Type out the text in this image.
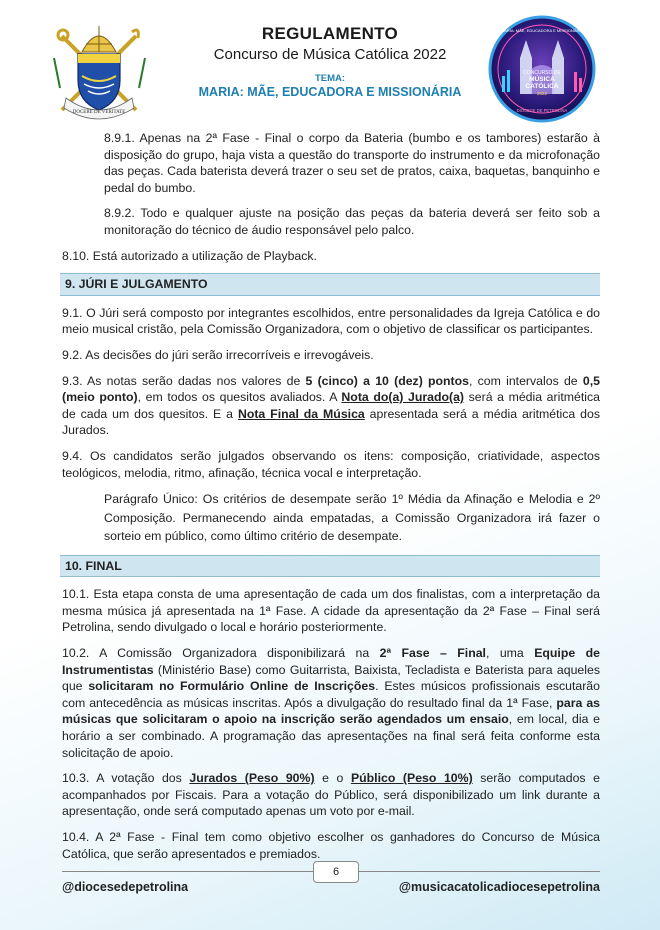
DOCERE DE VERITATE
REGULAMENTO
Concurso de Música Católica 2022
TEMA:
MARIA: MÃE, EDUCADORA E MISSIONÁRIA
CONCURSO DE
MÚSICA
CATÓLICA
2022
MARIA: MÃE, EDUCADORA E MISSIONÁRIA
DIOCESE DE PETROLINA
8.9.1. Apenas na 2ª Fase - Final o corpo da Bateria (bumbo e os tambores) estarão à disposição do grupo, haja vista a questão do transporte do instrumento e da microfonação das peças. Cada baterista deverá trazer o seu set de pratos, caixa, baquetas, banquinho e pedal do bumbo.
8.9.2. Todo e qualquer ajuste na posição das peças da bateria deverá ser feito sob a monitoração do técnico de áudio responsável pelo palco.
8.10. Está autorizado a utilização de Playback.
9. JÚRI E JULGAMENTO
9.1. O Júri será composto por integrantes escolhidos, entre personalidades da Igreja Católica e do meio musical cristão, pela Comissão Organizadora, com o objetivo de classificar os participantes.
9.2. As decisões do júri serão irrecorríveis e irrevogáveis.
9.3. As notas serão dadas nos valores de 5 (cinco) a 10 (dez) pontos, com intervalos de 0,5 (meio ponto), em todos os quesitos avaliados. A Nota do(a) Jurado(a) será a média aritmética de cada um dos quesitos. E a Nota Final da Música apresentada será a média aritmética dos Jurados.
9.4. Os candidatos serão julgados observando os itens: composição, criatividade, aspectos teológicos, melodia, ritmo, afinação, técnica vocal e interpretação.
Parágrafo Único: Os critérios de desempate serão 1º Média da Afinação e Melodia e 2º Composição. Permanecendo ainda empatadas, a Comissão Organizadora irá fazer o sorteio em público, como último critério de desempate.
10. FINAL
10.1. Esta etapa consta de uma apresentação de cada um dos finalistas, com a interpretação da mesma música já apresentada na 1ª Fase. A cidade da apresentação da 2ª Fase – Final será Petrolina, sendo divulgado o local e horário posteriormente.
10.2. A Comissão Organizadora disponibilizará na 2ª Fase – Final, uma Equipe de Instrumentistas (Ministério Base) como Guitarrista, Baixista, Tecladista e Baterista para aqueles que solicitaram no Formulário Online de Inscrições. Estes músicos profissionais escutarão com antecedência as músicas inscritas. Após a divulgação do resultado final da 1ª Fase, para as músicas que solicitaram o apoio na inscrição serão agendados um ensaio, em local, dia e horário a ser combinado. A programação das apresentações na final será feita conforme esta solicitação de apoio.
10.3. A votação dos Jurados (Peso 90%) e o Público (Peso 10%) serão computados e acompanhados por Fiscais. Para a votação do Público, será disponibilizado um link durante a apresentação, onde será computado apenas um voto por e-mail.
10.4. A 2ª Fase - Final tem como objetivo escolher os ganhadores do Concurso de Música Católica, que serão apresentados e premiados.
6
@diocesedepetrolina	@musicacatolicadiocesepetrolina
